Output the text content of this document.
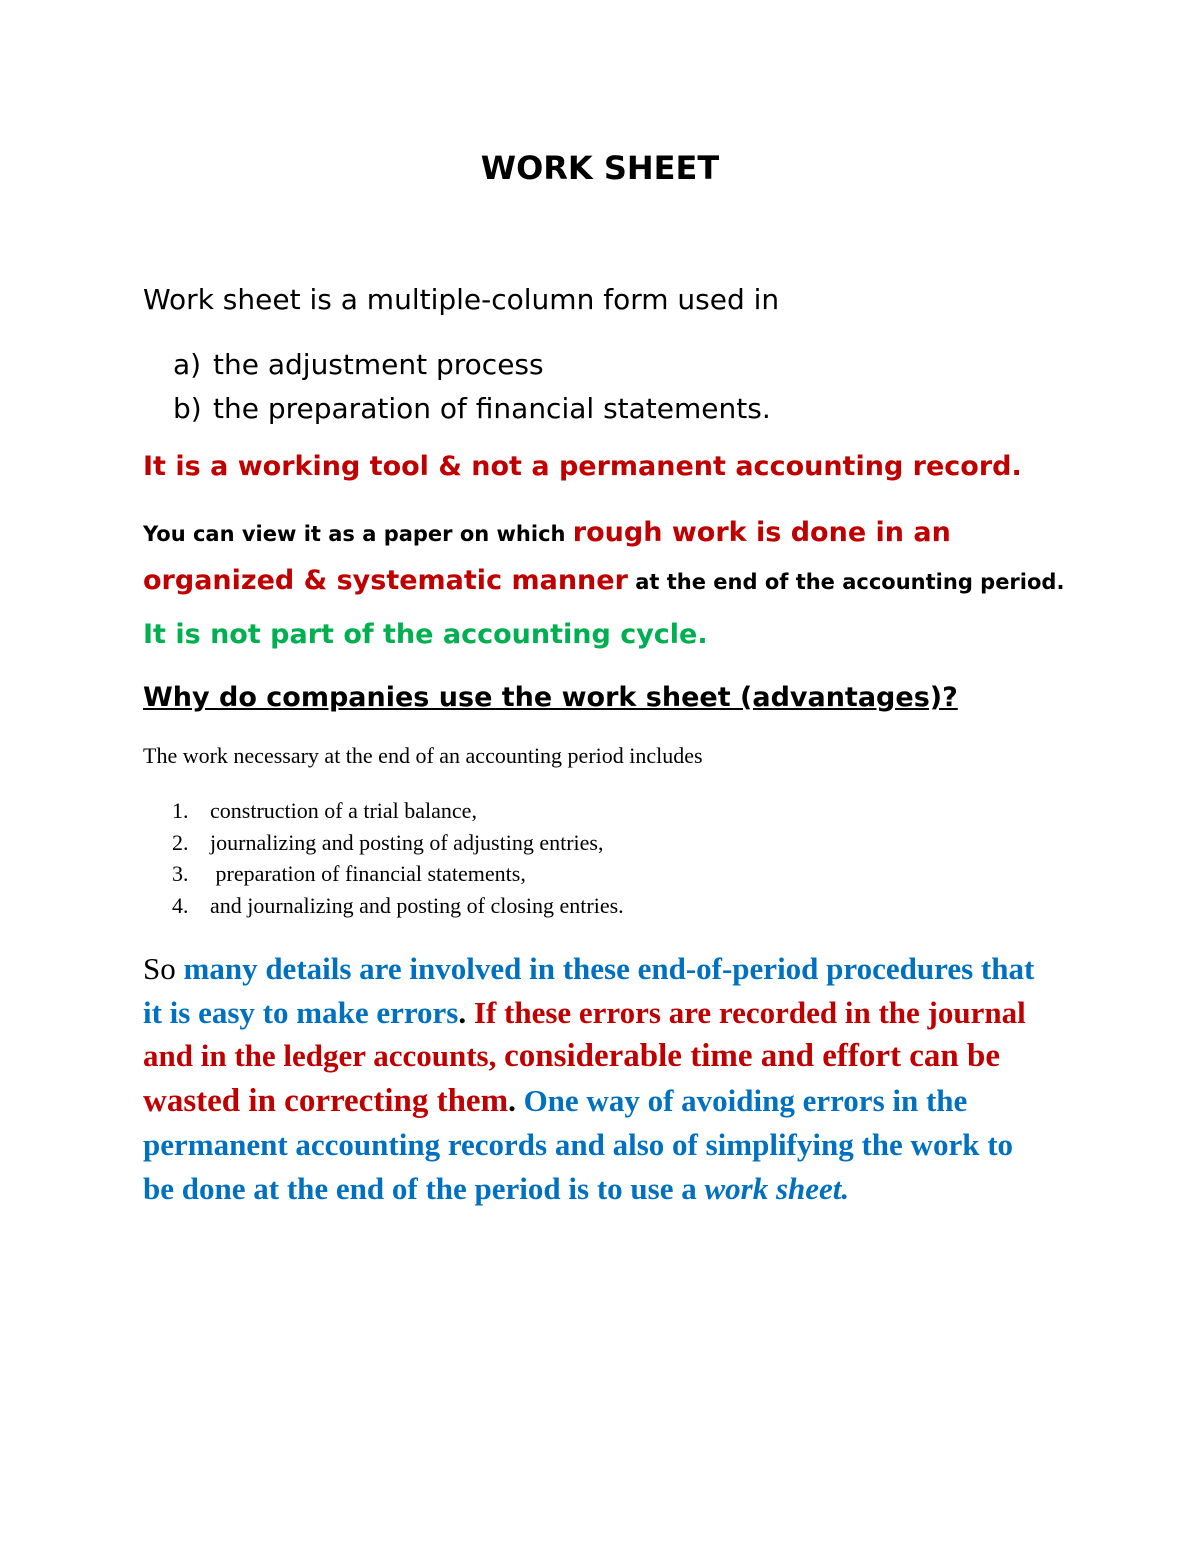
WORK SHEET
Work sheet is a multiple-column form used in
a) the adjustment process
b) the preparation of financial statements.
It is a working tool & not a permanent accounting record.
You can view it as a paper on which rough work is done in an organized & systematic manner at the end of the accounting period.
It is not part of the accounting cycle.
Why do companies use the work sheet (advantages)?
The work necessary at the end of an accounting period includes
1. construction of a trial balance,
2. journalizing and posting of adjusting entries,
3. preparation of financial statements,
4. and journalizing and posting of closing entries.
So many details are involved in these end-of-period procedures that it is easy to make errors. If these errors are recorded in the journal and in the ledger accounts, considerable time and effort can be wasted in correcting them. One way of avoiding errors in the permanent accounting records and also of simplifying the work to be done at the end of the period is to use a work sheet.
